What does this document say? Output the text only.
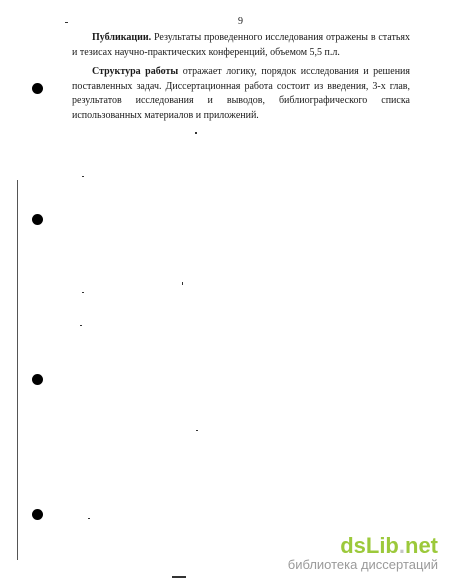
9

Публикации. Результаты проведенного исследования отражены в статьях и тезисах научно-практических конференций, объемом 5,5 п.л.

Структура работы отражает логику, порядок исследования и решения поставленных задач. Диссертационная работа состоит из введения, 3-х глав, результатов исследования и выводов, библиографического списка использованных материалов и приложений.

dsLib.net
библиотека диссертаций
